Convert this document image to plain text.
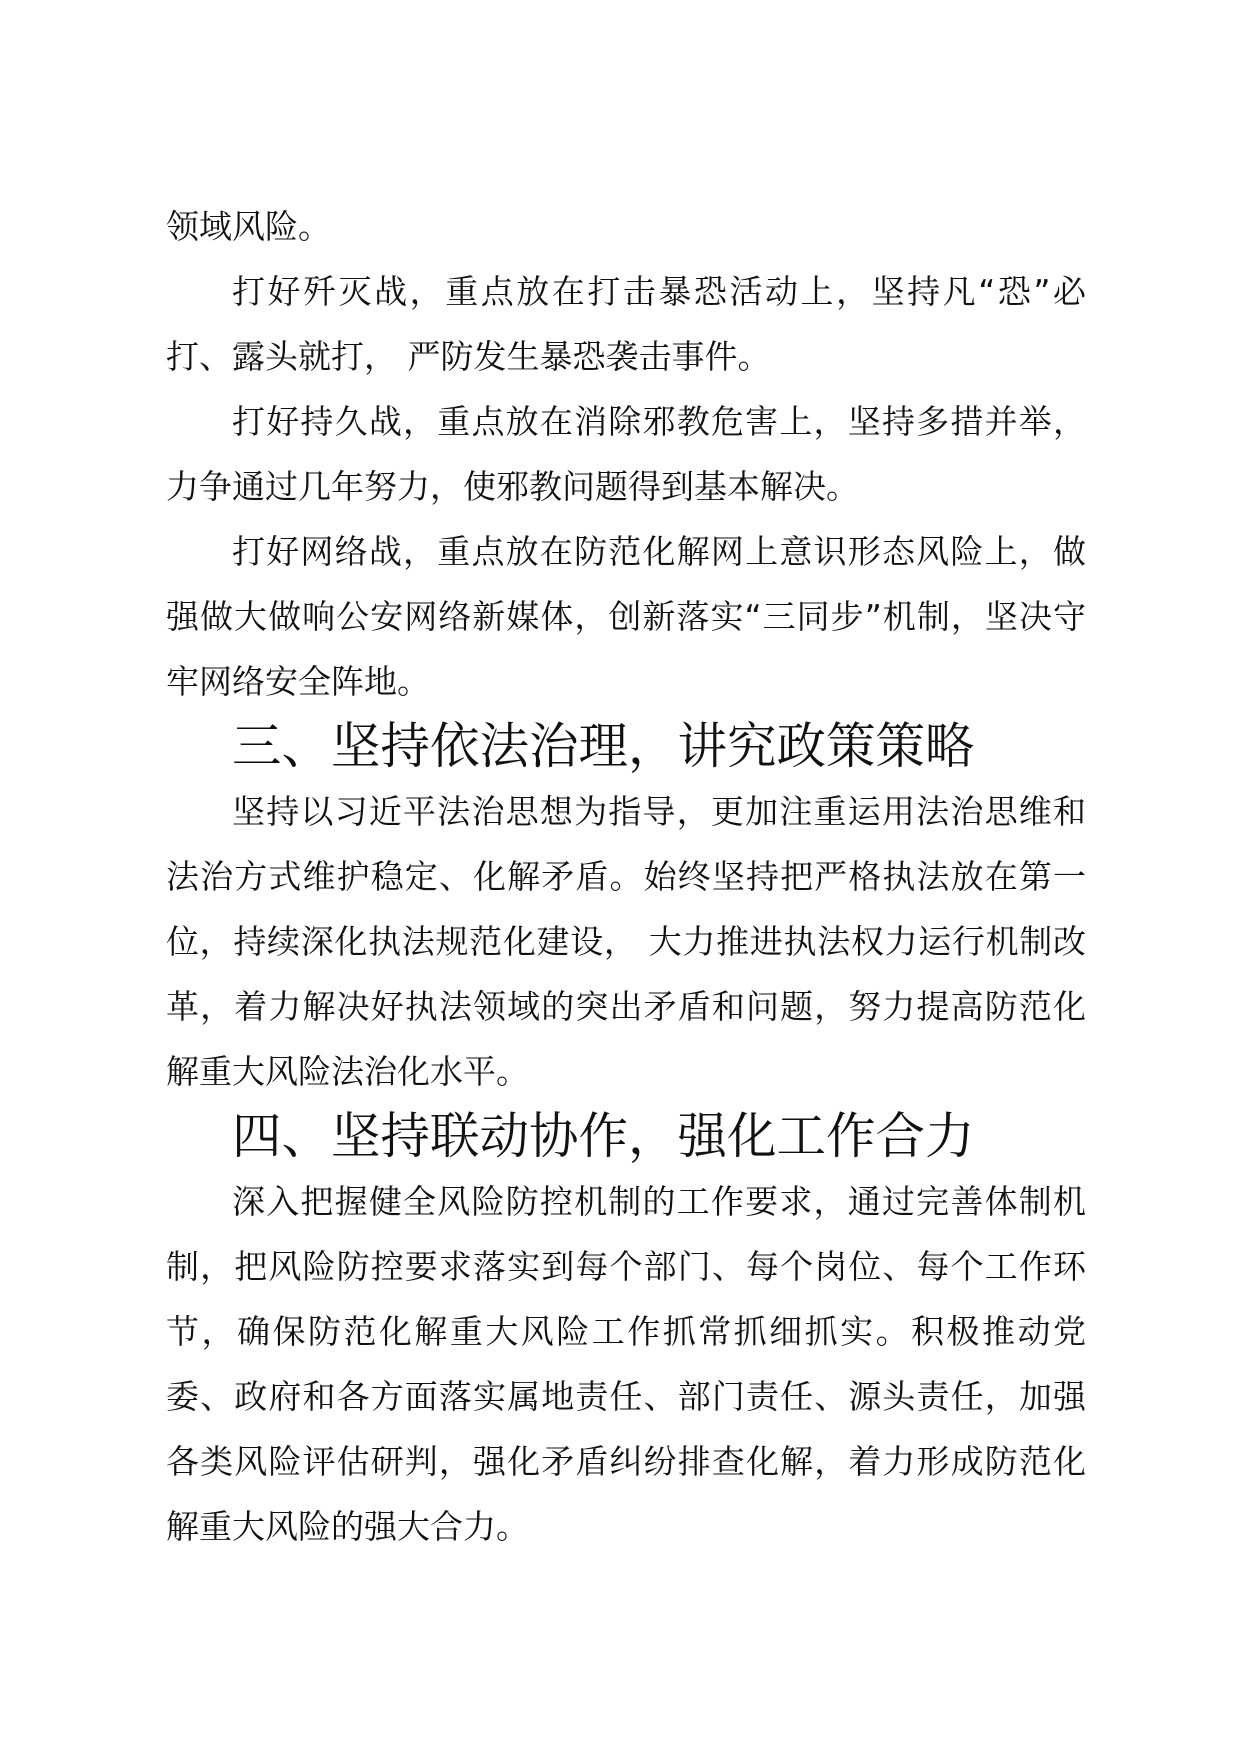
领域风险。

打好歼灭战，重点放在打击暴恐活动上，坚持凡“恐”必打、露头就打， 严防发生暴恐袭击事件。

打好持久战，重点放在消除邪教危害上，坚持多措并举，力争通过几年努力，使邪教问题得到基本解决。

打好网络战，重点放在防范化解网上意识形态风险上，做强做大做响公安网络新媒体，创新落实“三同步”机制，坚决守牢网络安全阵地。

三、坚持依法治理，讲究政策策略

坚持以习近平法治思想为指导，更加注重运用法治思维和法治方式维护稳定、化解矛盾。始终坚持把严格执法放在第一位，持续深化执法规范化建设， 大力推进执法权力运行机制改革，着力解决好执法领域的突出矛盾和问题，努力提高防范化解重大风险法治化水平。

四、坚持联动协作，强化工作合力

深入把握健全风险防控机制的工作要求，通过完善体制机制，把风险防控要求落实到每个部门、每个岗位、每个工作环节，确保防范化解重大风险工作抓常抓细抓实。积极推动党委、政府和各方面落实属地责任、部门责任、源头责任，加强各类风险评估研判，强化矛盾纠纷排查化解，着力形成防范化解重大风险的强大合力。
